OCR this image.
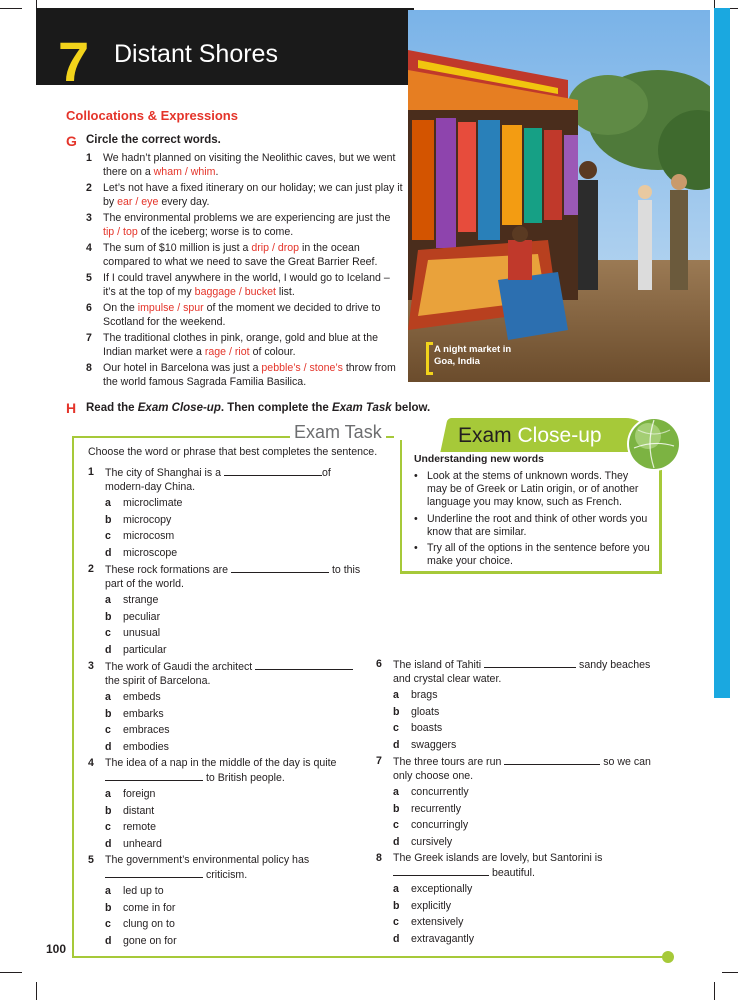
7 Distant Shores
A night market in
Goa, India
Collocations & Expressions
G Circle the correct words.
1 We hadn’t planned on visiting the Neolithic caves, but we went there on a wham / whim.
2 Let’s not have a fixed itinerary on our holiday; we can just play it by ear / eye every day.
3 The environmental problems we are experiencing are just the tip / top of the iceberg; worse is to come.
4 The sum of $10 million is just a drip / drop in the ocean compared to what we need to save the Great Barrier Reef.
5 If I could travel anywhere in the world, I would go to Iceland – it’s at the top of my baggage / bucket list.
6 On the impulse / spur of the moment we decided to drive to Scotland for the weekend.
7 The traditional clothes in pink, orange, gold and blue at the Indian market were a rage / riot of colour.
8 Our hotel in Barcelona was just a pebble’s / stone’s throw from the world famous Sagrada Familia Basilica.
H Read the Exam Close-up. Then complete the Exam Task below.
Exam Task
Choose the word or phrase that best completes the sentence.
1 The city of Shanghai is a	of modern-day China.
a microclimate
b microcopy
c microcosm
d microscope
2 These rock formations are	to this part of the world.
a strange
b peculiar
c unusual
d particular
3 The work of Gaudi the architect  the spirit of Barcelona.
a embeds
b embarks
c embraces
d embodies
4 The idea of a nap in the middle of the day is quite  to British people.
a foreign
b distant
c remote
d unheard
5 The government’s environmental policy has  criticism.
a led up to
b come in for
c clung on to
d gone on for
6 The island of Tahiti	sandy beaches and crystal clear water.
a brags
b gloats
c boasts
d swaggers
7 The three tours are run	so we can only choose one.
a concurrently
b recurrently
c concurringly
d cursively
8 The Greek islands are lovely, but Santorini is  beautiful.
a exceptionally
b explicitly
c extensively
d extravagantly
Exam Close-up
Understanding new words
• Look at the stems of unknown words. They may be of Greek or Latin origin, or of another language you may know, such as French.
• Underline the root and think of other words you know that are similar.
• Try all of the options in the sentence before you make your choice.
100
